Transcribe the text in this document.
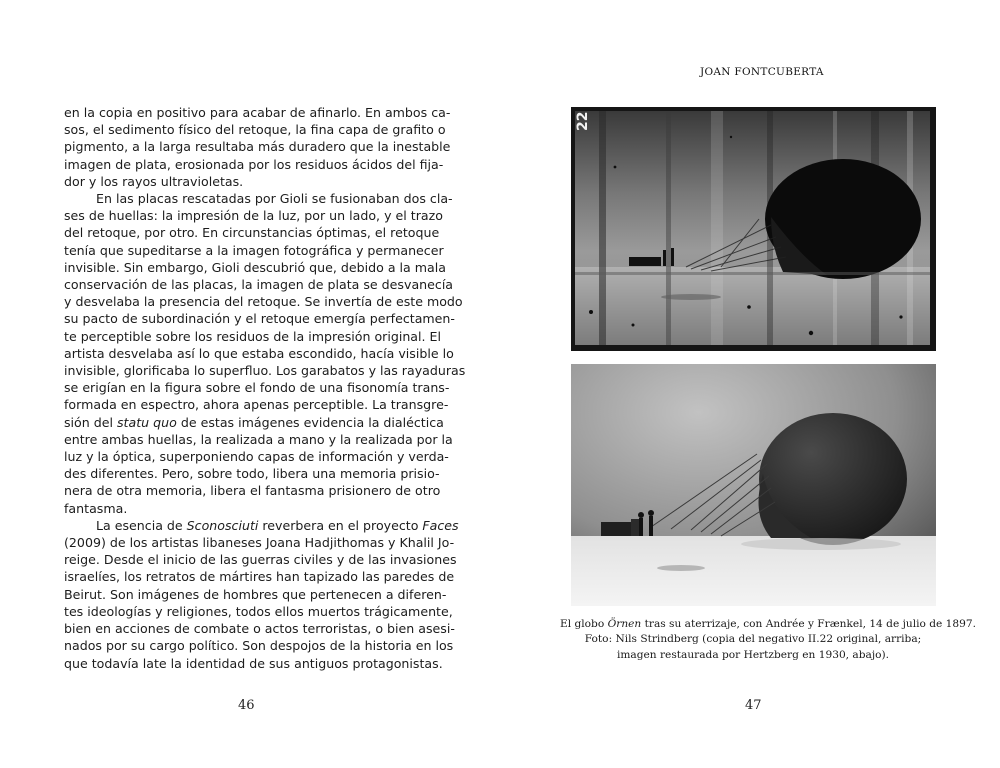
en la copia en positivo para acabar de afinarlo. En ambos ca-
sos, el sedimento físico del retoque, la fina capa de grafito o
pigmento, a la larga resultaba más duradero que la inestable
imagen de plata, erosionada por los residuos ácidos del fija-
dor y los rayos ultravioletas.
En las placas rescatadas por Gioli se fusionaban dos cla-
ses de huellas: la impresión de la luz, por un lado, y el trazo
del retoque, por otro. En circunstancias óptimas, el retoque
tenía que supeditarse a la imagen fotográfica y permanecer
invisible. Sin embargo, Gioli descubrió que, debido a la mala
conservación de las placas, la imagen de plata se desvanecía
y desvelaba la presencia del retoque. Se invertía de este modo
su pacto de subordinación y el retoque emergía perfectamen-
te perceptible sobre los residuos de la impresión original. El
artista desvelaba así lo que estaba escondido, hacía visible lo
invisible, glorificaba lo superfluo. Los garabatos y las rayaduras
se erigían en la figura sobre el fondo de una fisonomía trans-
formada en espectro, ahora apenas perceptible. La transgre-
sión del statu quo de estas imágenes evidencia la dialéctica
entre ambas huellas, la realizada a mano y la realizada por la
luz y la óptica, superponiendo capas de información y verda-
des diferentes. Pero, sobre todo, libera una memoria prisio-
nera de otra memoria, libera el fantasma prisionero de otro
fantasma.
La esencia de Sconosciuti reverbera en el proyecto Faces
(2009) de los artistas libaneses Joana Hadjithomas y Khalil Jo-
reige. Desde el inicio de las guerras civiles y de las invasiones
israelíes, los retratos de mártires han tapizado las paredes de
Beirut. Son imágenes de hombres que pertenecen a diferen-
tes ideologías y religiones, todos ellos muertos trágicamente,
bien en acciones de combate o actos terroristas, o bien asesi-
nados por su cargo político. Son despojos de la historia en los
que todavía late la identidad de sus antiguos protagonistas.
46
JOAN FONTCUBERTA
22
El globo Örnen tras su aterrizaje, con Andrée y Frænkel, 14 de julio de 1897.
Foto: Nils Strindberg (copia del negativo II.22 original, arriba;
imagen restaurada por Hertzberg en 1930, abajo).
47
